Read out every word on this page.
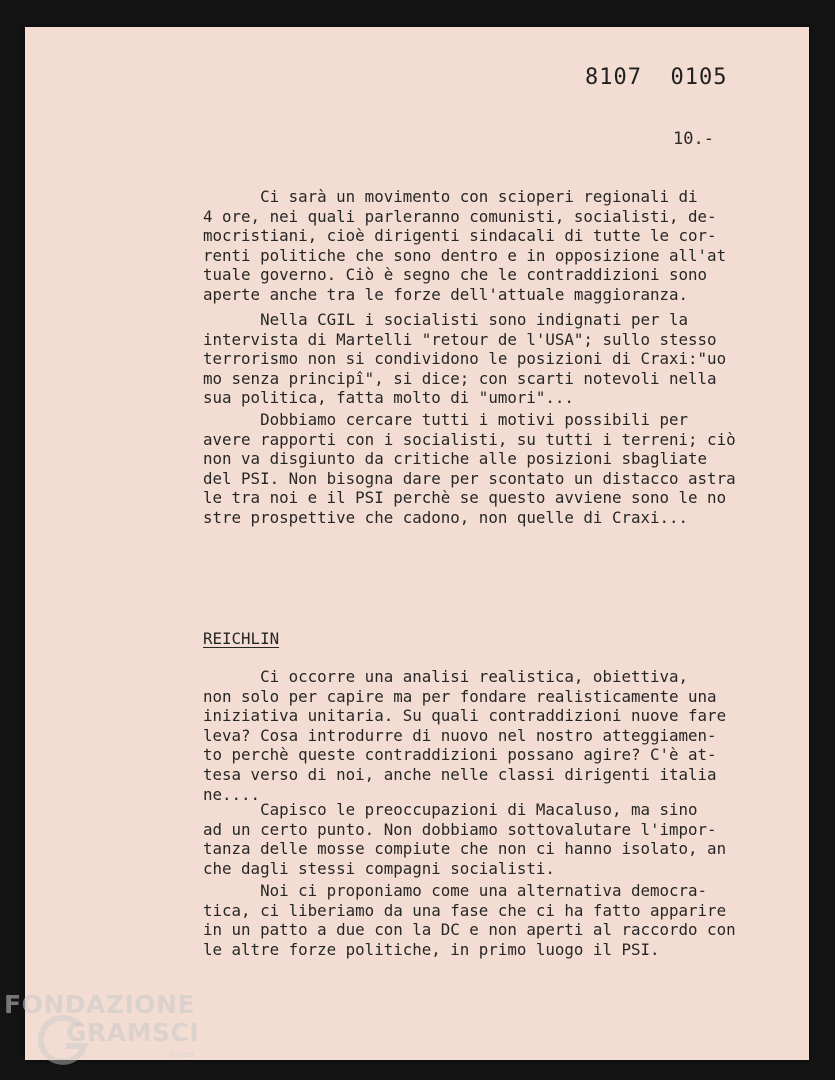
8107  0105
10.-

Ci sarà un movimento con scioperi regionali di
4 ore, nei quali parleranno comunisti, socialisti, de-
mocristiani, cioè dirigenti sindacali di tutte le cor-
renti politiche che sono dentro e in opposizione all'at
tuale governo. Ciò è segno che le contraddizioni sono
aperte anche tra le forze dell'attuale maggioranza.

Nella CGIL i socialisti sono indignati per la
intervista di Martelli "retour de l'USA"; sullo stesso
terrorismo non si condividono le posizioni di Craxi:"uo
mo senza principî", si dice; con scarti notevoli nella
sua politica, fatta molto di "umori"...

Dobbiamo cercare tutti i motivi possibili per
avere rapporti con i socialisti, su tutti i terreni; ciò
non va disgiunto da critiche alle posizioni sbagliate
del PSI. Non bisogna dare per scontato un distacco astra
le tra noi e il PSI perchè se questo avviene sono le no
stre prospettive che cadono, non quelle di Craxi...

REICHLIN

Ci occorre una analisi realistica, obiettiva,
non solo per capire ma per fondare realisticamente una
iniziativa unitaria. Su quali contraddizioni nuove fare
leva? Cosa introdurre di nuovo nel nostro atteggiamen-
to perchè queste contraddizioni possano agire? C'è at-
tesa verso di noi, anche nelle classi dirigenti italia
ne....

Capisco le preoccupazioni di Macaluso, ma sino
ad un certo punto. Non dobbiamo sottovalutare l'impor-
tanza delle mosse compiute che non ci hanno isolato, an
che dagli stessi compagni socialisti.

Noi ci proponiamo come una alternativa democra-
tica, ci liberiamo da una fase che ci ha fatto apparire
in un patto a due con la DC e non aperti al raccordo con
le altre forze politiche, in primo luogo il PSI.

FONDAZIONE
GRAMSCI
onlus
